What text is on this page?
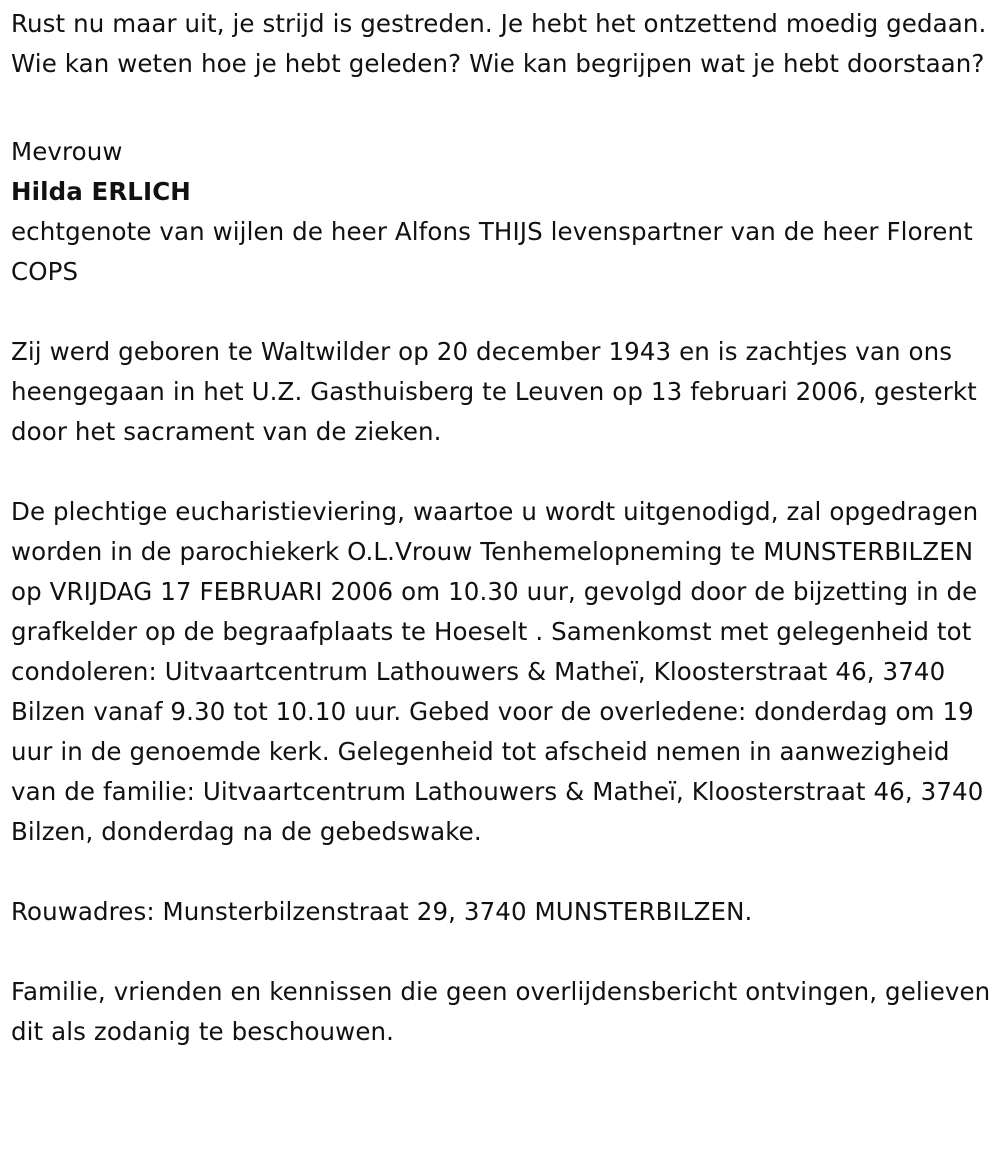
Rust nu maar uit, je strijd is gestreden. Je hebt het ontzettend moedig gedaan. Wie kan weten hoe je hebt geleden? Wie kan begrijpen wat je hebt doorstaan?

Mevrouw

Hilda ERLICH

echtgenote van wijlen de heer Alfons THIJS levenspartner van de heer Florent COPS

Zij werd geboren te Waltwilder op 20 december 1943 en is zachtjes van ons heengegaan in het U.Z. Gasthuisberg te Leuven op 13 februari 2006, gesterkt door het sacrament van de zieken.

De plechtige eucharistieviering, waartoe u wordt uitgenodigd, zal opgedragen worden in de parochiekerk O.L.Vrouw Tenhemelopneming te MUNSTERBILZEN op VRIJDAG 17 FEBRUARI 2006 om 10.30 uur, gevolgd door de bijzetting in de grafkelder op de begraafplaats te Hoeselt . Samenkomst met gelegenheid tot condoleren: Uitvaartcentrum Lathouwers & Matheï, Kloosterstraat 46, 3740 Bilzen vanaf 9.30 tot 10.10 uur. Gebed voor de overledene: donderdag om 19 uur in de genoemde kerk. Gelegenheid tot afscheid nemen in aanwezigheid van de familie: Uitvaartcentrum Lathouwers & Matheï, Kloosterstraat 46, 3740 Bilzen, donderdag na de gebedswake.

Rouwadres: Munsterbilzenstraat 29, 3740 MUNSTERBILZEN.

Familie, vrienden en kennissen die geen overlijdensbericht ontvingen, gelieven dit als zodanig te beschouwen.
